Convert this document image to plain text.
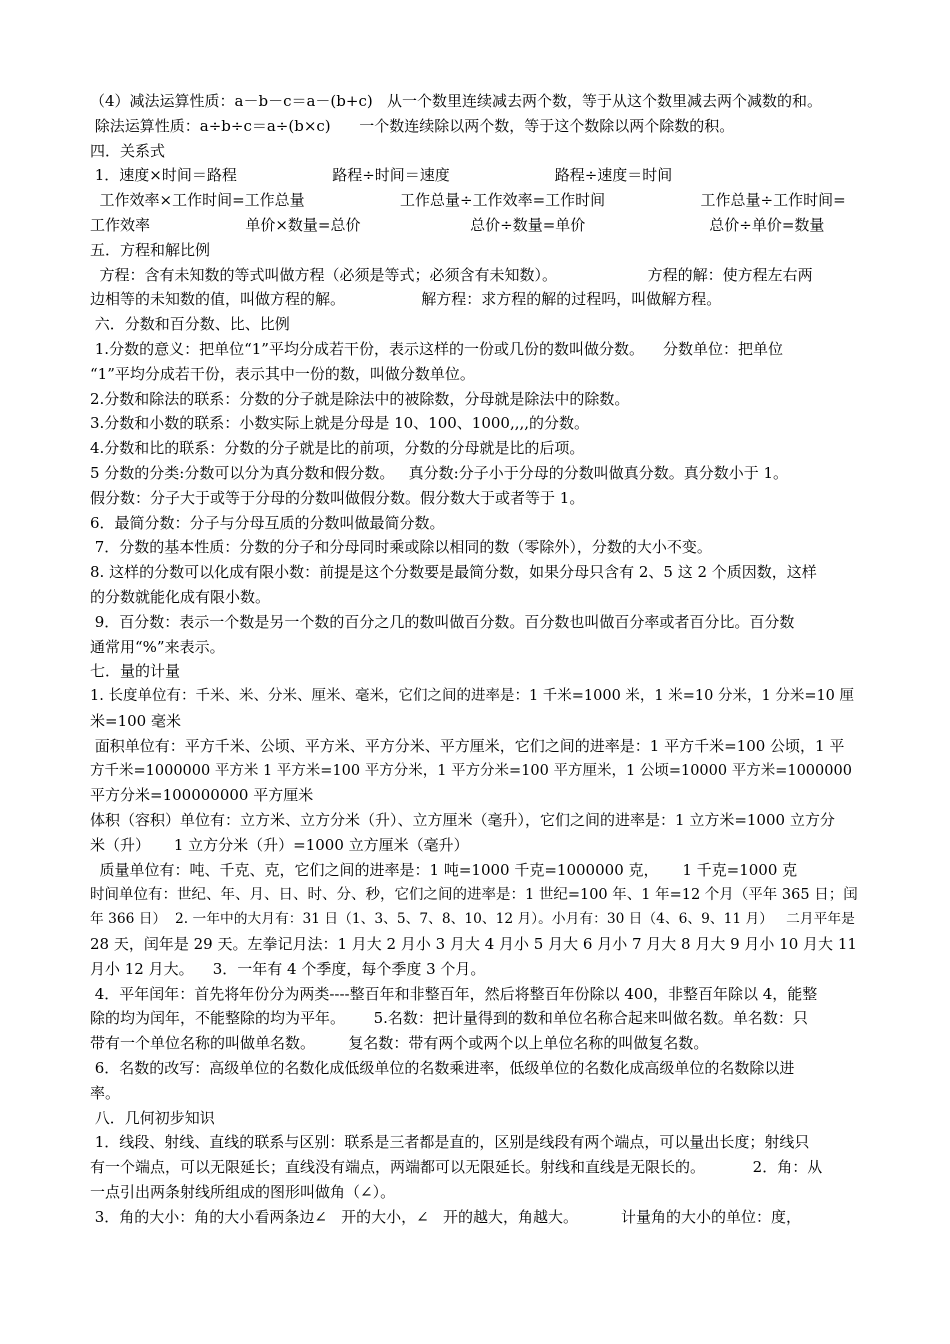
（4）减法运算性质：a－b－c＝a－(b+c)   从一个数里连续减去两个数，等于从这个数里减去两个减数的和。
除法运算性质：a÷b÷c＝a÷(b×c)      一个数连续除以两个数，等于这个数除以两个除数的积。
四．关系式
1．速度×时间＝路程                    路程÷时间＝速度                      路程÷速度＝时间
工作效率×工作时间=工作总量                    工作总量÷工作效率=工作时间                    工作总量÷工作时间=
工作效率                    单价×数量=总价                       总价÷数量=单价                          总价÷单价=数量
五．方程和解比例
方程：含有未知数的等式叫做方程（必须是等式；必须含有未知数）。                   方程的解：使方程左右两
边相等的未知数的值，叫做方程的解。                解方程：求方程的解的过程吗，叫做解方程。
六．分数和百分数、比、比例
1.分数的意义：把单位“1”平均分成若干份，表示这样的一份或几份的数叫做分数。    分数单位：把单位
“1”平均分成若干份，表示其中一份的数，叫做分数单位。
2.分数和除法的联系：分数的分子就是除法中的被除数，分母就是除法中的除数。
3.分数和小数的联系：小数实际上就是分母是 10、100、1000,,,,的分数。
4.分数和比的联系：分数的分子就是比的前项，分数的分母就是比的后项。
5 分数的分类:分数可以分为真分数和假分数。   真分数:分子小于分母的分数叫做真分数。真分数小于 1。
假分数：分子大于或等于分母的分数叫做假分数。假分数大于或者等于 1。
6．最简分数：分子与分母互质的分数叫做最简分数。
7．分数的基本性质：分数的分子和分母同时乘或除以相同的数（零除外），分数的大小不变。
8. 这样的分数可以化成有限小数：前提是这个分数要是最简分数，如果分母只含有 2、5 这 2 个质因数，这样
的分数就能化成有限小数。
9．百分数：表示一个数是另一个数的百分之几的数叫做百分数。百分数也叫做百分率或者百分比。百分数
通常用“%”来表示。
七．量的计量
1. 长度单位有：千米、米、分米、厘米、毫米，它们之间的进率是：1 千米=1000 米，1 米=10 分米，1 分米=10 厘
米=100 毫米
面积单位有：平方千米、公顷、平方米、平方分米、平方厘米，它们之间的进率是：1 平方千米=100 公顷，1 平
方千米=1000000 平方米 1 平方米=100 平方分米，1 平方分米=100 平方厘米，1 公顷=10000 平方米=1000000
平方分米=100000000 平方厘米
体积（容积）单位有：立方米、立方分米（升）、立方厘米（毫升），它们之间的进率是：1 立方米=1000 立方分
米（升）     1 立方分米（升）=1000 立方厘米（毫升）
质量单位有：吨、千克、克，它们之间的进率是：1 吨=1000 千克=1000000 克，     1 千克=1000 克
时间单位有：世纪、年、月、日、时、分、秒，它们之间的进率是：1 世纪=100 年、1 年=12 个月（平年 365 日；闰
年 366 日）  2. 一年中的大月有：31 日（1、3、5、7、8、10、12 月）。小月有：30 日（4、6、9、11 月）   二月平年是
28 天，闰年是 29 天。左拳记月法：1 月大 2 月小 3 月大 4 月小 5 月大 6 月小 7 月大 8 月大 9 月小 10 月大 11
月小 12 月大。    3．一年有 4 个季度，每个季度 3 个月。
4．平年闰年：首先将年份分为两类----整百年和非整百年，然后将整百年份除以 400，非整百年除以 4，能整
除的均为闰年，不能整除的均为平年。      5.名数：把计量得到的数和单位名称合起来叫做名数。单名数：只
带有一个单位名称的叫做单名数。       复名数：带有两个或两个以上单位名称的叫做复名数。
6．名数的改写：高级单位的名数化成低级单位的名数乘进率，低级单位的名数化成高级单位的名数除以进
率。
八．几何初步知识
1．线段、射线、直线的联系与区别：联系是三者都是直的，区别是线段有两个端点，可以量出长度；射线只
有一个端点，可以无限延长；直线没有端点，两端都可以无限延长。射线和直线是无限长的。          2．角：从
一点引出两条射线所组成的图形叫做角（∠）。
3．角的大小：角的大小看两条边∠   开的大小，∠   开的越大，角越大。         计量角的大小的单位：度，
